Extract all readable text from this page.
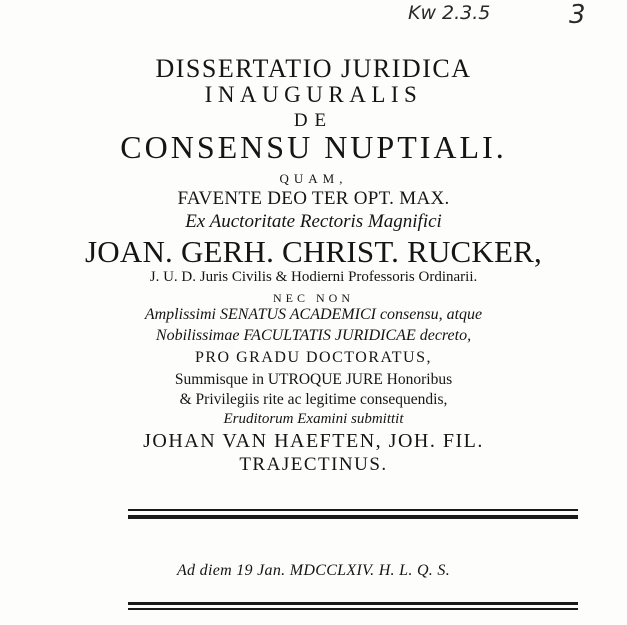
Kw 2.3.5	3
DISSERTATIO JURIDICA
INAUGURALIS
DE
CONSENSU NUPTIALI.
QUAM,
FAVENTE DEO TER OPT. MAX.
Ex Auctoritate Rectoris Magnifici
JOAN. GERH. CHRIST. RUCKER,
J. U. D. Juris Civilis & Hodierni Professoris Ordinarii.
NEC NON
Amplissimi SENATUS ACADEMICI consensu, atque
Nobilissimae FACULTATIS JURIDICAE decreto,
PRO GRADU DOCTORATUS,
Summisque in UTROQUE JURE Honoribus
& Privilegiis rite ac legitime consequendis,
Eruditorum Examini submittit
JOHAN VAN HAEFTEN, JOH. FIL.
TRAJECTINUS.
Ad diem 19 Jan. MDCCLXIV. H. L. Q. S.
